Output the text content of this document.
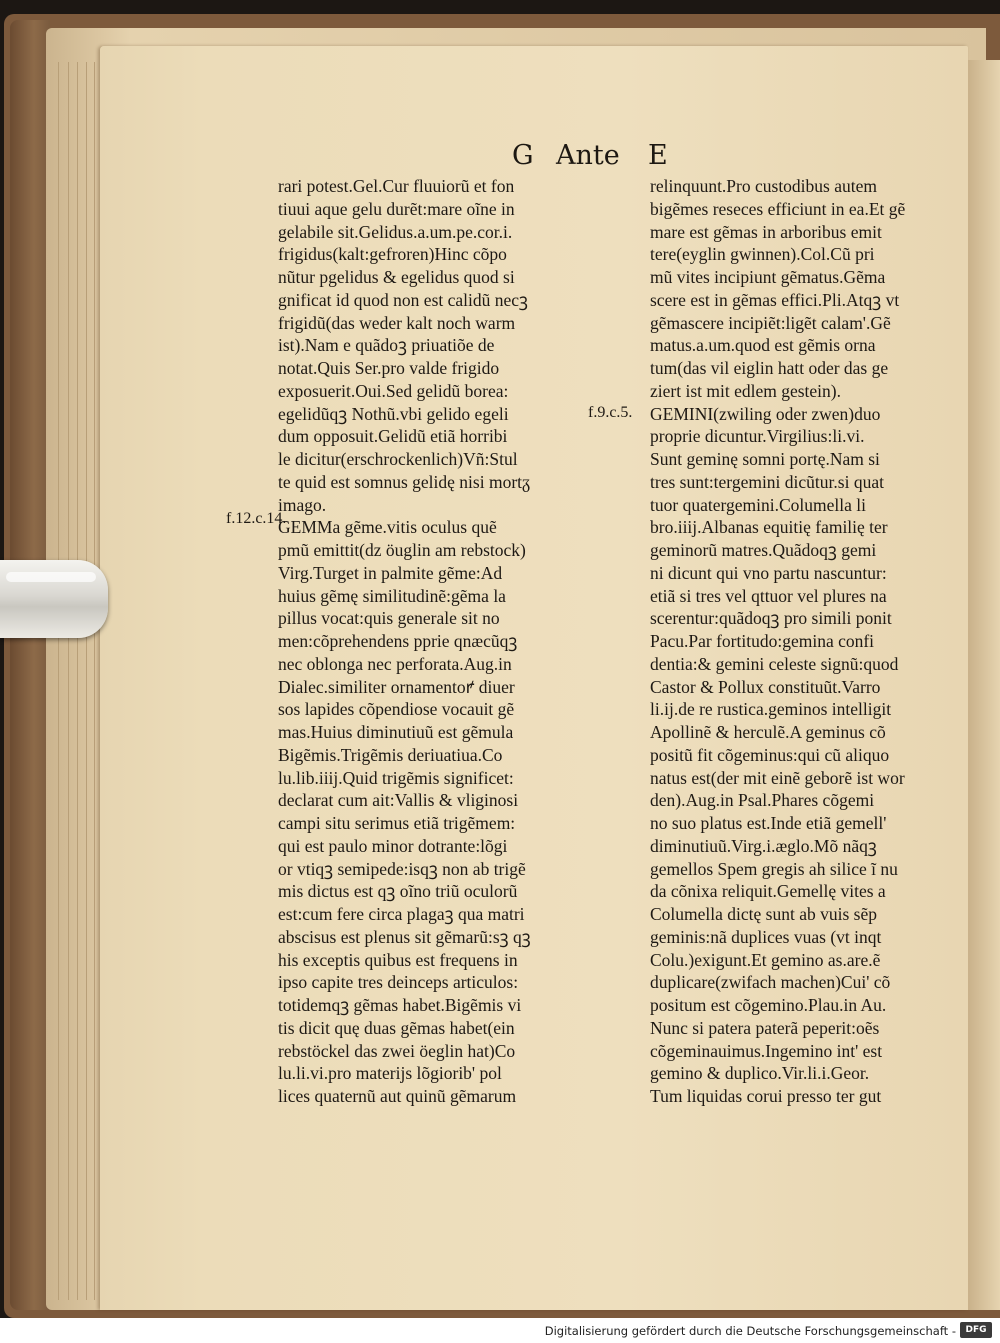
G Ante E
f.12.c.14.
f.9.c.5.
rari potest.Gel.Cur fluuiorũ et fon
tiuui aque gelu durẽt:mare oĩne in
gelabile sit.Gelidus.a.um.pe.cor.i.
frigidus(kalt:gefroren)Hinc cõpo
nũtur pgelidus & egelidus quod si
gnificat id quod non est calidũ necꝫ
frigidũ(das weder kalt noch warm
ist).Nam e quãdoꝫ priuatiõe de
notat.Quis Ser.pro valde frigido
exposuerit.Oui.Sed gelidũ borea:
egelidũqꝫ Nothũ.vbi gelido egeli
dum opposuit.Gelidũ etiã horribi
le dicitur(erschrockenlich)Vñ:Stul
te quid est somnus gelidę nisi mortᵹ
imago.
GEMMa gẽme.vitis oculus quẽ
pmũ emittit(dz öuglin am rebstock)
Virg.Turget in palmite gẽme:Ad
huius gẽmę similitudinẽ:gẽma la
pillus vocat:quis generale sit no
men:cõprehendens pprie qnæcũqꝫ
nec oblonga nec perforata.Aug.in
Dialec.similiter ornamentoꝵ diuer
sos lapides cõpendiose vocauit gẽ
mas.Huius diminutiuũ est gẽmula
Bigẽmis.Trigẽmis deriuatiua.Co
lu.lib.iiij.Quid trigẽmis significet:
declarat cum ait:Vallis & vliginosi
campi situ serimus etiã trigẽmem:
qui est paulo minor dotrante:lõgi
or vtiqꝫ semipede:isqꝫ non ab trigẽ
mis dictus est qꝫ oĩno triũ oculorũ
est:cum fere circa plagaꝫ qua matri
abscisus est plenus sit gẽmarũ:sꝫ qꝫ
his exceptis quibus est frequens in
ipso capite tres deinceps articulos:
totidemqꝫ gẽmas habet.Bigẽmis vi
tis dicit quę duas gẽmas habet(ein
rebstöckel das zwei öeglin hat)Co
lu.li.vi.pro materijs lõgiorib' pol
lices quaternũ aut quinũ gẽmarum
relinquunt.Pro custodibus autem
bigẽmes reseces efficiunt in ea.Et gẽ
mare est gẽmas in arboribus emit
tere(eyglin gwinnen).Col.Cũ pri
mũ vites incipiunt gẽmatus.Gẽma
scere est in gẽmas effici.Pli.Atqꝫ vt
gẽmascere incipiẽt:ligẽt calam'.Gẽ
matus.a.um.quod est gẽmis orna
tum(das vil eiglin hatt oder das ge
ziert ist mit edlem gestein).
GEMINI(zwiling oder zwen)duo
proprie dicuntur.Virgilius:li.vi.
Sunt geminę somni portę.Nam si
tres sunt:tergemini dicũtur.si quat
tuor quatergemini.Columella li
bro.iiij.Albanas equitię familię ter
geminorũ matres.Quãdoqꝫ gemi
ni dicunt qui vno partu nascuntur:
etiã si tres vel qttuor vel plures na
scerentur:quãdoqꝫ pro simili ponit
Pacu.Par fortitudo:gemina confi
dentia:& gemini celeste signũ:quod
Castor & Pollux constituũt.Varro
li.ij.de re rustica.geminos intelligit
Apollinẽ & herculẽ.A geminus cõ
positũ fit cõgeminus:qui cũ aliquo
natus est(der mit einẽ geborẽ ist wor
den).Aug.in Psal.Phares cõgemi
no suo platus est.Inde etiã gemell'
diminutiuũ.Virg.i.æglo.Mõ nãqꝫ
gemellos Spem gregis ah silice ĩ nu
da cõnixa reliquit.Gemellę vites a
Columella dictę sunt ab vuis sẽp
geminis:nã duplices vuas (vt inqt
Colu.)exigunt.Et gemino as.are.ẽ
duplicare(zwifach machen)Cui' cõ
positum est cõgemino.Plau.in Au.
Nunc si patera paterã peperit:oẽs
cõgeminauimus.Ingemino int' est
gemino & duplico.Vir.li.i.Geor.
Tum liquidas corui presso ter gut
Digitalisierung gefördert durch die Deutsche Forschungsgemeinschaft -	DFG
